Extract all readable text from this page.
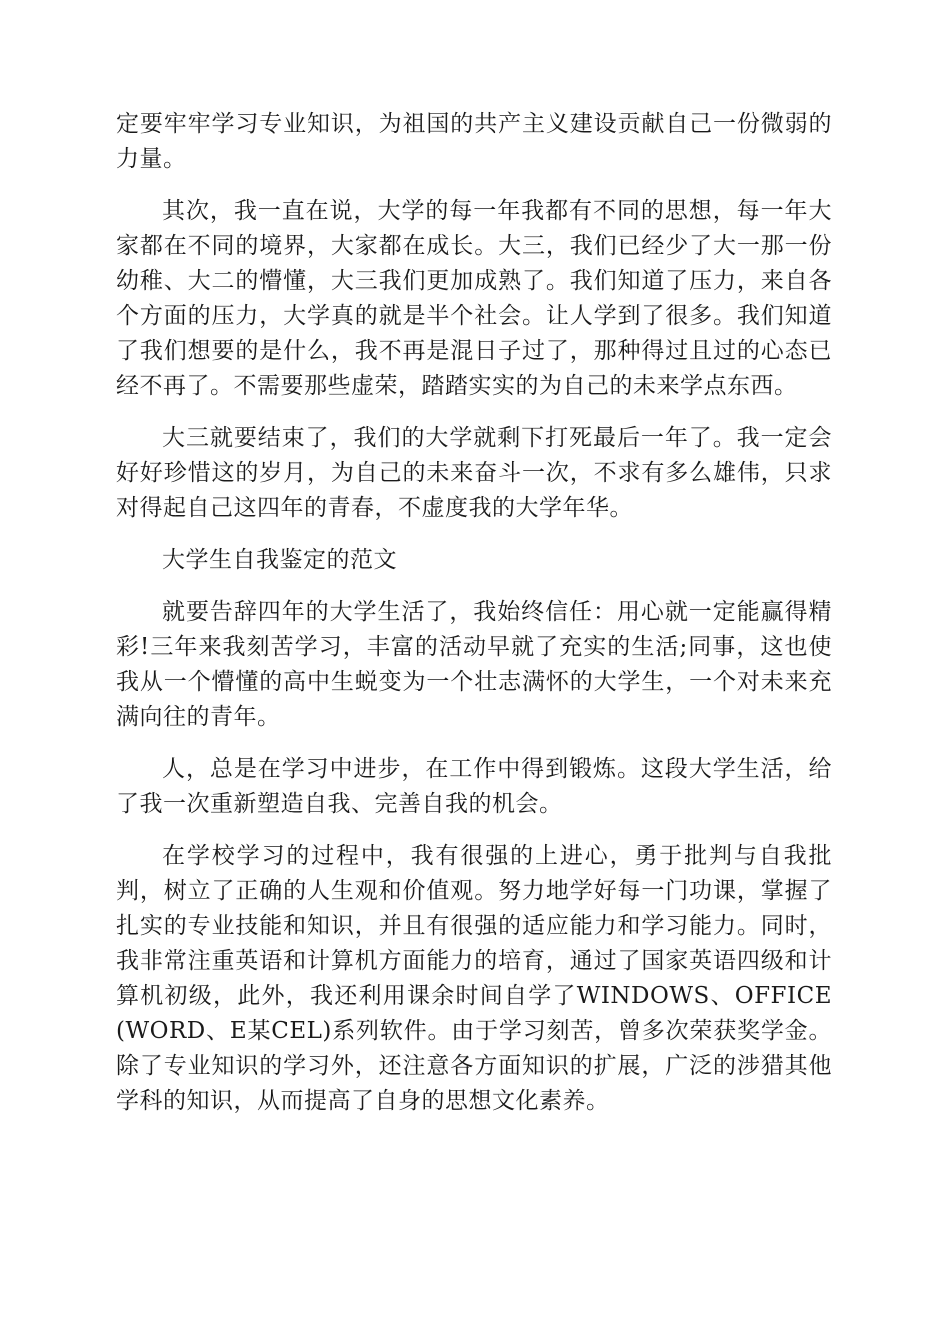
定要牢牢学习专业知识，为祖国的共产主义建设贡献自己一份微弱的力量。

其次，我一直在说，大学的每一年我都有不同的思想，每一年大家都在不同的境界，大家都在成长。大三，我们已经少了大一那一份幼稚、大二的懵懂，大三我们更加成熟了。我们知道了压力，来自各个方面的压力，大学真的就是半个社会。让人学到了很多。我们知道了我们想要的是什么，我不再是混日子过了，那种得过且过的心态已经不再了。不需要那些虚荣，踏踏实实的为自己的未来学点东西。

大三就要结束了，我们的大学就剩下打死最后一年了。我一定会好好珍惜这的岁月，为自己的未来奋斗一次，不求有多么雄伟，只求对得起自己这四年的青春，不虚度我的大学年华。

大学生自我鉴定的范文

就要告辞四年的大学生活了，我始终信任：用心就一定能赢得精彩!三年来我刻苦学习，丰富的活动早就了充实的生活;同事，这也使我从一个懵懂的高中生蜕变为一个壮志满怀的大学生，一个对未来充满向往的青年。

人，总是在学习中进步，在工作中得到锻炼。这段大学生活，给了我一次重新塑造自我、完善自我的机会。

在学校学习的过程中，我有很强的上进心，勇于批判与自我批判，树立了正确的人生观和价值观。努力地学好每一门功课，掌握了扎实的专业技能和知识，并且有很强的适应能力和学习能力。同时，我非常注重英语和计算机方面能力的培育，通过了国家英语四级和计算机初级，此外，我还利用课余时间自学了WINDOWS、OFFICE(WORD、E某CEL)系列软件。由于学习刻苦，曾多次荣获奖学金。除了专业知识的学习外，还注意各方面知识的扩展，广泛的涉猎其他学科的知识，从而提高了自身的思想文化素养。
